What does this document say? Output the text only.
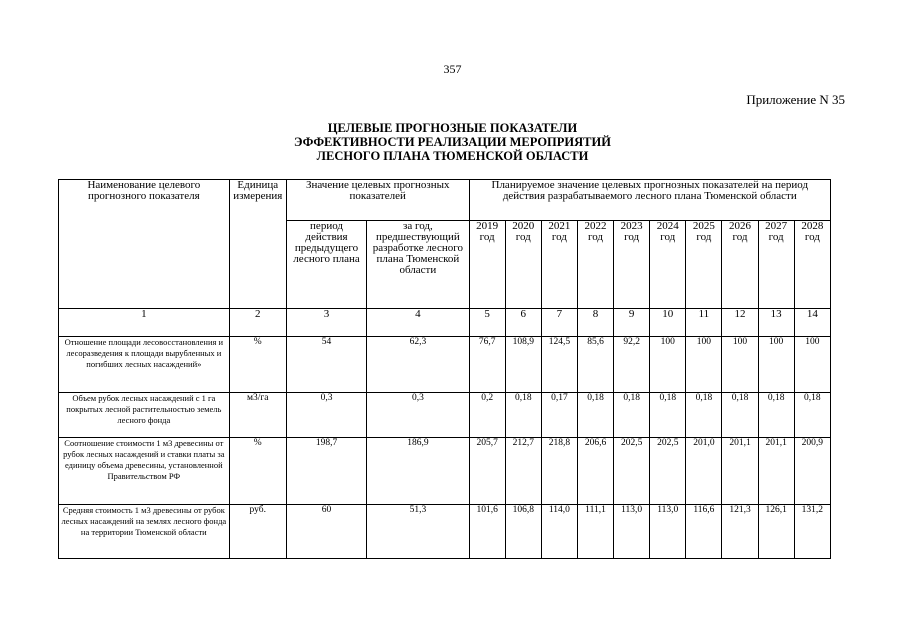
357
Приложение N 35
ЦЕЛЕВЫЕ ПРОГНОЗНЫЕ ПОКАЗАТЕЛИ
ЭФФЕКТИВНОСТИ РЕАЛИЗАЦИИ МЕРОПРИЯТИЙ
ЛЕСНОГО ПЛАНА ТЮМЕНСКОЙ ОБЛАСТИ
Наименование целевого прогнозного показателя	Единица измерения	Значение целевых прогнозных показателей		Планируемое значение целевых прогнозных показателей на период действия разрабатываемого лесного плана Тюменской области									
		период действия предыдущего лесного плана	за год, предшествующий разработке лесного плана Тюменской области	2019 год	2020 год	2021 год	2022 год	2023 год	2024 год	2025 год	2026 год	2027 год	2028 год
1	2	3	4	5	6	7	8	9	10	11	12	13	14
Отношение площади лесовосстановления и лесоразведения к площади вырубленных и погибших лесных насаждений»	%	54	62,3	76,7	108,9	124,5	85,6	92,2	100	100	100	100	100
Объем рубок лесных насаждений с 1 га покрытых лесной растительностью земель лесного фонда	м3/га	0,3	0,3	0,2	0,18	0,17	0,18	0,18	0,18	0,18	0,18	0,18	0,18
Соотношение стоимости 1 м3 древесины от рубок лесных насаждений и ставки платы за единицу объема древесины, установленной Правительством РФ	%	198,7	186,9	205,7	212,7	218,8	206,6	202,5	202,5	201,0	201,1	201,1	200,9
Средняя стоимость 1 м3 древесины от рубок лесных насаждений на землях лесного фонда на территории Тюменской области	руб.	60	51,3	101,6	106,8	114,0	111,1	113,0	113,0	116,6	121,3	126,1	131,2
